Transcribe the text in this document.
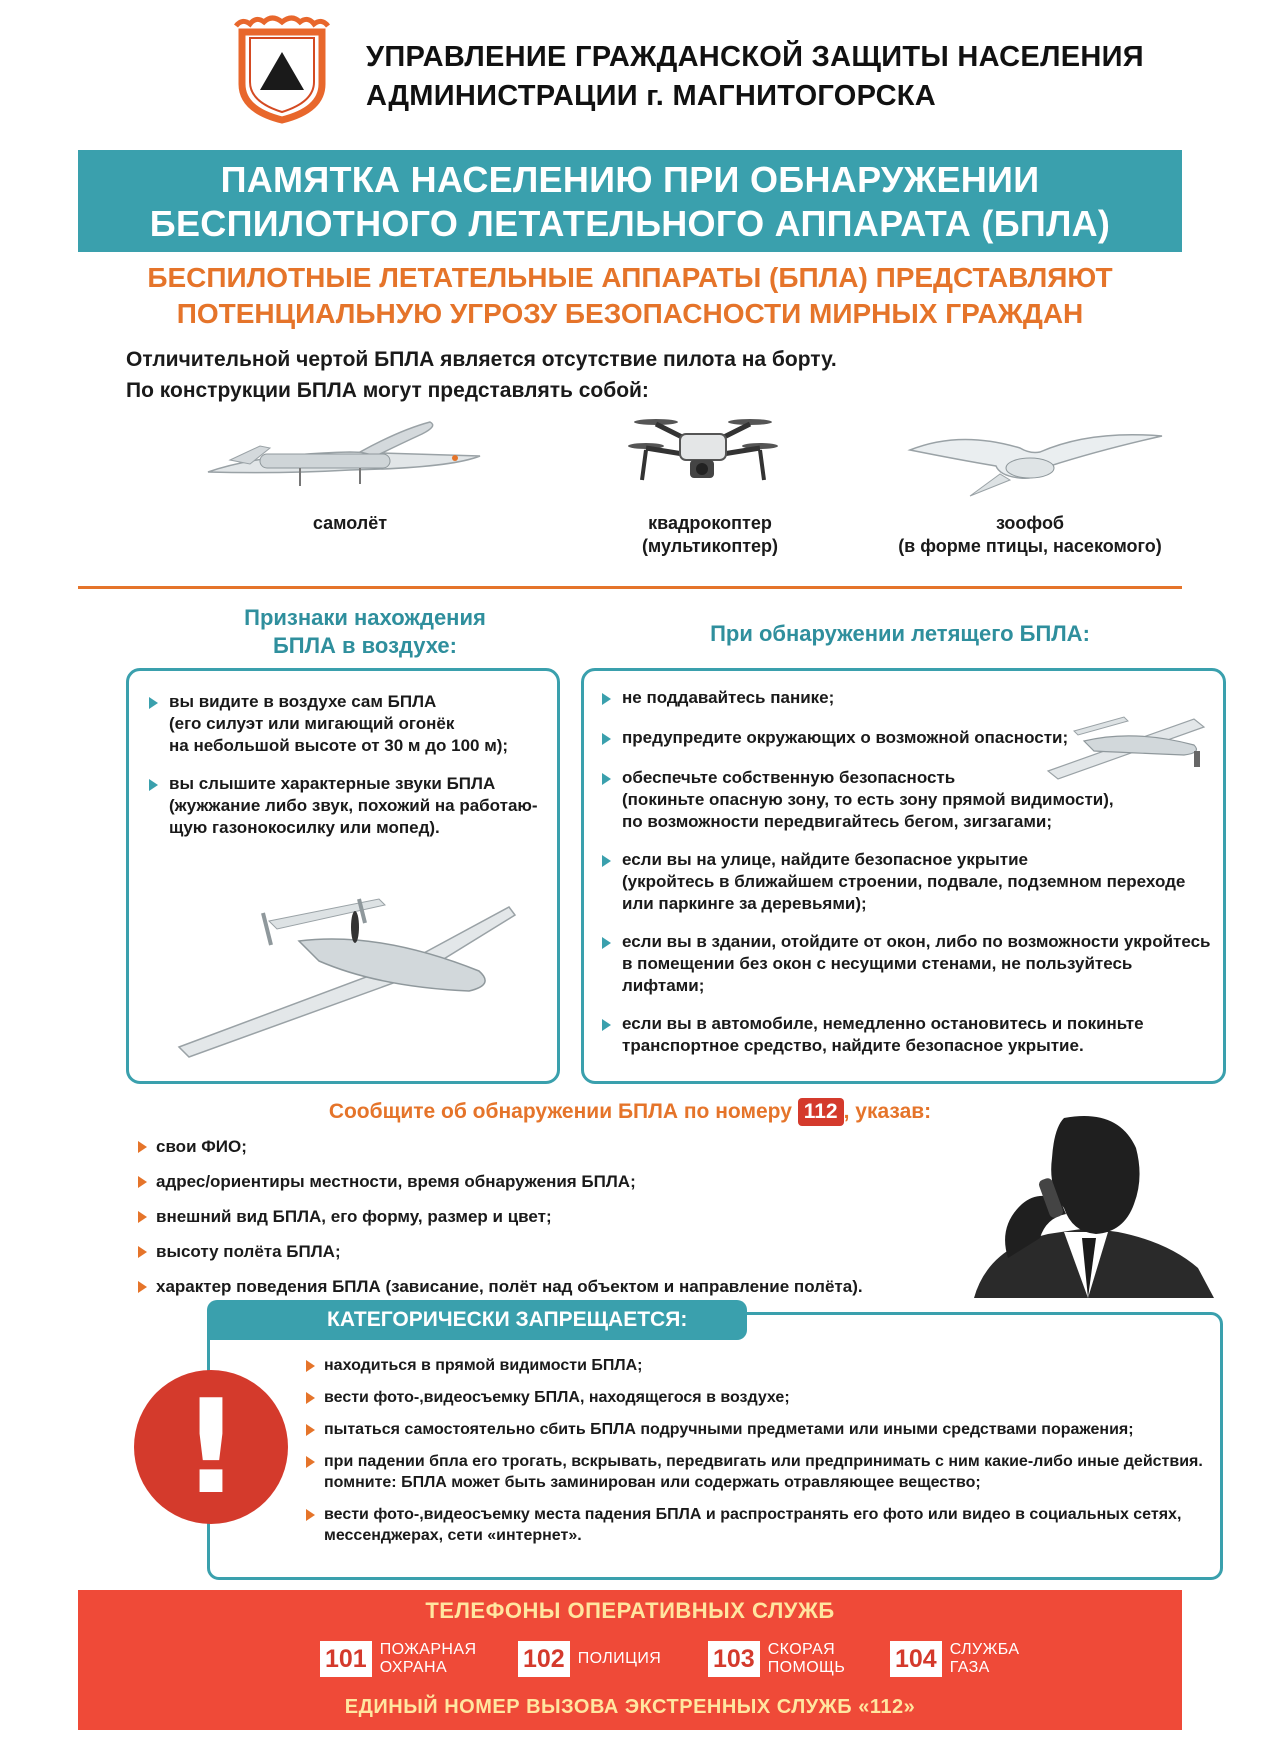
УПРАВЛЕНИЕ ГРАЖДАНСКОЙ ЗАЩИТЫ НАСЕЛЕНИЯ
АДМИНИСТРАЦИИ г. МАГНИТОГОРСКА
ПАМЯТКА НАСЕЛЕНИЮ ПРИ ОБНАРУЖЕНИИ
БЕСПИЛОТНОГО ЛЕТАТЕЛЬНОГО АППАРАТА (БПЛА)
БЕСПИЛОТНЫЕ ЛЕТАТЕЛЬНЫЕ АППАРАТЫ (БПЛА) ПРЕДСТАВЛЯЮТ
ПОТЕНЦИАЛЬНУЮ УГРОЗУ БЕЗОПАСНОСТИ МИРНЫХ ГРАЖДАН
Отличительной чертой БПЛА является отсутствие пилота на борту.
По конструкции БПЛА могут представлять собой:
самолёт	квадрокоптер
(мультикоптер)
зоофоб
(в форме птицы, насекомого)
Признаки нахождения
БПЛА в воздухе:
вы видите в воздухе сам БПЛА
(его силуэт или мигающий огонёк
на небольшой высоте от 30 м до 100 м);
вы слышите характерные звуки БПЛА
(жужжание либо звук, похожий на работаю-
щую газонокосилку или мопед).
При обнаружении летящего БПЛА:
не поддавайтесь панике;
предупредите окружающих о возможной опасности;
обеспечьте собственную безопасность
(покиньте опасную зону, то есть зону прямой видимости),
по возможности передвигайтесь бегом, зигзагами;
если вы на улице, найдите безопасное укрытие
(укройтесь в ближайшем строении, подвале, подземном переходе
или паркинге за деревьями);
если вы в здании, отойдите от окон, либо по возможности укройтесь
в помещении без окон с несущими стенами, не пользуйтесь лифтами;
если вы в автомобиле, немедленно остановитесь и покиньте
транспортное средство, найдите безопасное укрытие.
Сообщите об обнаружении БПЛА по номеру 112 , указав:
свои ФИО;
адрес/ориентиры местности, время обнаружения БПЛА;
внешний вид БПЛА, его форму, размер и цвет;
высоту полёта БПЛА;
характер поведения БПЛА (зависание, полёт над объектом и направление полёта).
находиться в прямой видимости БПЛА;
вести фото-,видеосъемку БПЛА, находящегося в воздухе;
пытаться самостоятельно сбить БПЛА подручными предметами или иными средствами поражения;
при падении бпла его трогать, вскрывать, передвигать или предпринимать с ним какие-либо иные действия.
помните: БПЛА может быть заминирован или содержать отравляющее вещество;
вести фото-,видеосъемку места падения БПЛА и распространять его фото или видео в социальных сетях,
мессенджерах, сети «интернет».
КАТЕГОРИЧЕСКИ ЗАПРЕЩАЕТСЯ:
!
ТЕЛЕФОНЫ ОПЕРАТИВНЫХ СЛУЖБ
101 ПОЖАРНАЯ
ОХРАНА	102 ПОЛИЦИЯ 103 СКОРАЯ
ПОМОЩЬ 104 СЛУЖБА
ГАЗА
ЕДИНЫЙ НОМЕР ВЫЗОВА ЭКСТРЕННЫХ СЛУЖБ «112»
